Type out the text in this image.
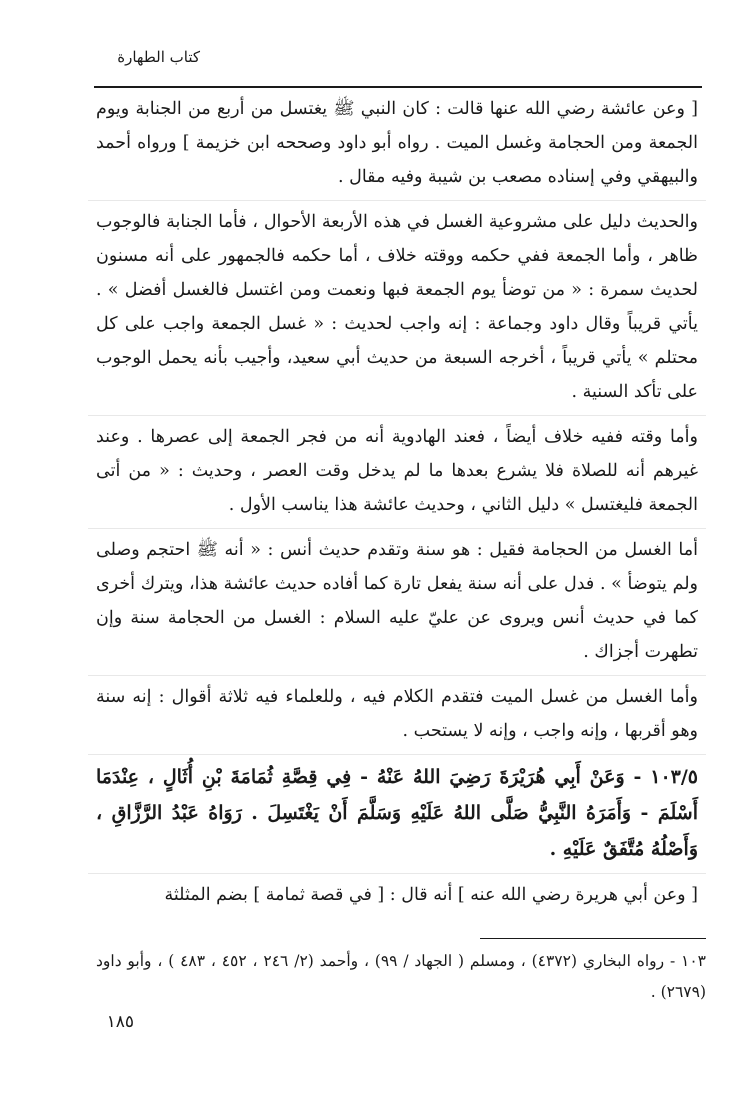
كتاب الطهارة

[ وعن عائشة رضي الله عنها قالت : كان النبي ﷺ يغتسل من أربع من الجنابة ويوم الجمعة ومن الحجامة وغسل الميت . رواه أبو داود وصححه ابن خزيمة ] ورواه أحمد والبيهقي وفي إسناده مصعب بن شيبة وفيه مقال .

والحديث دليل على مشروعية الغسل في هذه الأربعة الأحوال ، فأما الجنابة فالوجوب ظاهر ، وأما الجمعة ففي حكمه ووقته خلاف ، أما حكمه فالجمهور على أنه مسنون لحديث سمرة : « من توضأ يوم الجمعة فبها ونعمت ومن اغتسل فالغسل أفضل » . يأتي قريباً وقال داود وجماعة : إنه واجب لحديث : « غسل الجمعة واجب على كل محتلم » يأتي قريباً ، أخرجه السبعة من حديث أبي سعيد، وأجيب بأنه يحمل الوجوب على تأكد السنية .

وأما وقته ففيه خلاف أيضاً ، فعند الهادوية أنه من فجر الجمعة إلى عصرها . وعند غيرهم أنه للصلاة فلا يشرع بعدها ما لم يدخل وقت العصر ، وحديث : « من أتى الجمعة فليغتسل » دليل الثاني ، وحديث عائشة هذا يناسب الأول .

أما الغسل من الحجامة فقيل : هو سنة وتقدم حديث أنس : « أنه ﷺ احتجم وصلى ولم يتوضأ » . فدل على أنه سنة يفعل تارة كما أفاده حديث عائشة هذا، ويترك أخرى كما في حديث أنس ويروى عن عليّ عليه السلام : الغسل من الحجامة سنة وإن تطهرت أجزاك .

وأما الغسل من غسل الميت فتقدم الكلام فيه ، وللعلماء فيه ثلاثة أقوال : إنه سنة وهو أقربها ، وإنه واجب ، وإنه لا يستحب .

١٠٣/٥ - وَعَنْ أَبِي هُرَيْرَةَ رَضِيَ اللهُ عَنْهُ - فِي قِصَّةِ ثُمَامَةَ بْنِ أُثَالٍ ، عِنْدَمَا أَسْلَمَ - وَأَمَرَهُ النَّبِيُّ صَلَّى اللهُ عَلَيْهِ وَسَلَّمَ أَنْ يَغْتَسِلَ . رَوَاهُ عَبْدُ الرَّزَّاقِ ، وَأَصْلُهُ مُتَّفَقٌ عَلَيْهِ .

[ وعن أبي هريرة رضي الله عنه ] أنه قال : [ في قصة ثمامة ] بضم المثلثة

١٠٣ - رواه البخاري (٤٣٧٢) ، ومسلم ( الجهاد / ٩٩) ، وأحمد (٢/ ٢٤٦ ، ٤٥٢ ، ٤٨٣ ) ، وأبو داود (٢٦٧٩) .

١٨٥
